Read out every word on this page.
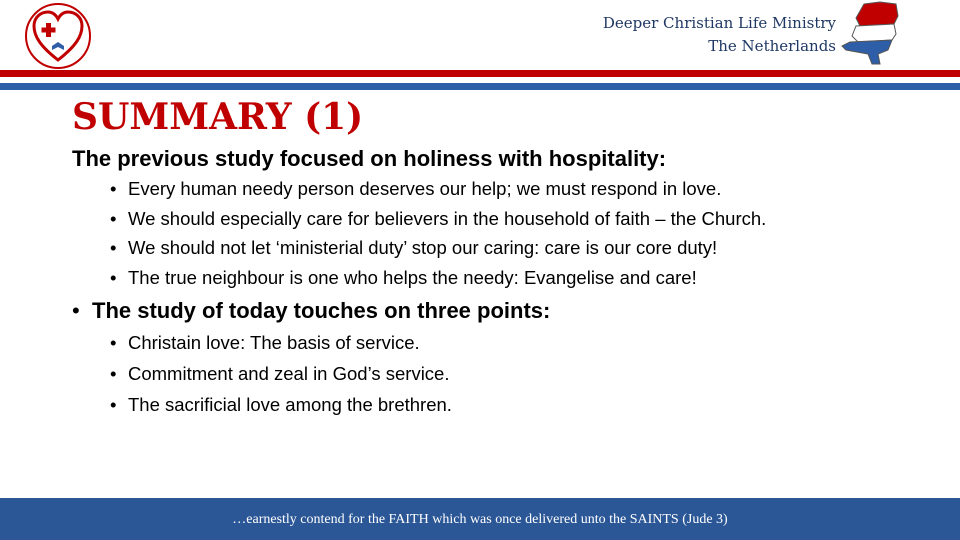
Deeper Christian Life Ministry
The Netherlands
SUMMARY (1)

The previous study focused on holiness with hospitality:

• Every human needy person deserves our help; we must respond in love.
• We should especially care for believers in the household of faith – the Church.
• We should not let ‘ministerial duty’ stop our caring: care is our core duty!
• The true neighbour is one who helps the needy: Evangelise and care!

• The study of today touches on three points:

• Christain love: The basis of service.
• Commitment and zeal in God’s service.
• The sacrificial love among the brethren.
…earnestly contend for the FAITH which was once delivered unto the SAINTS (Jude 3)
